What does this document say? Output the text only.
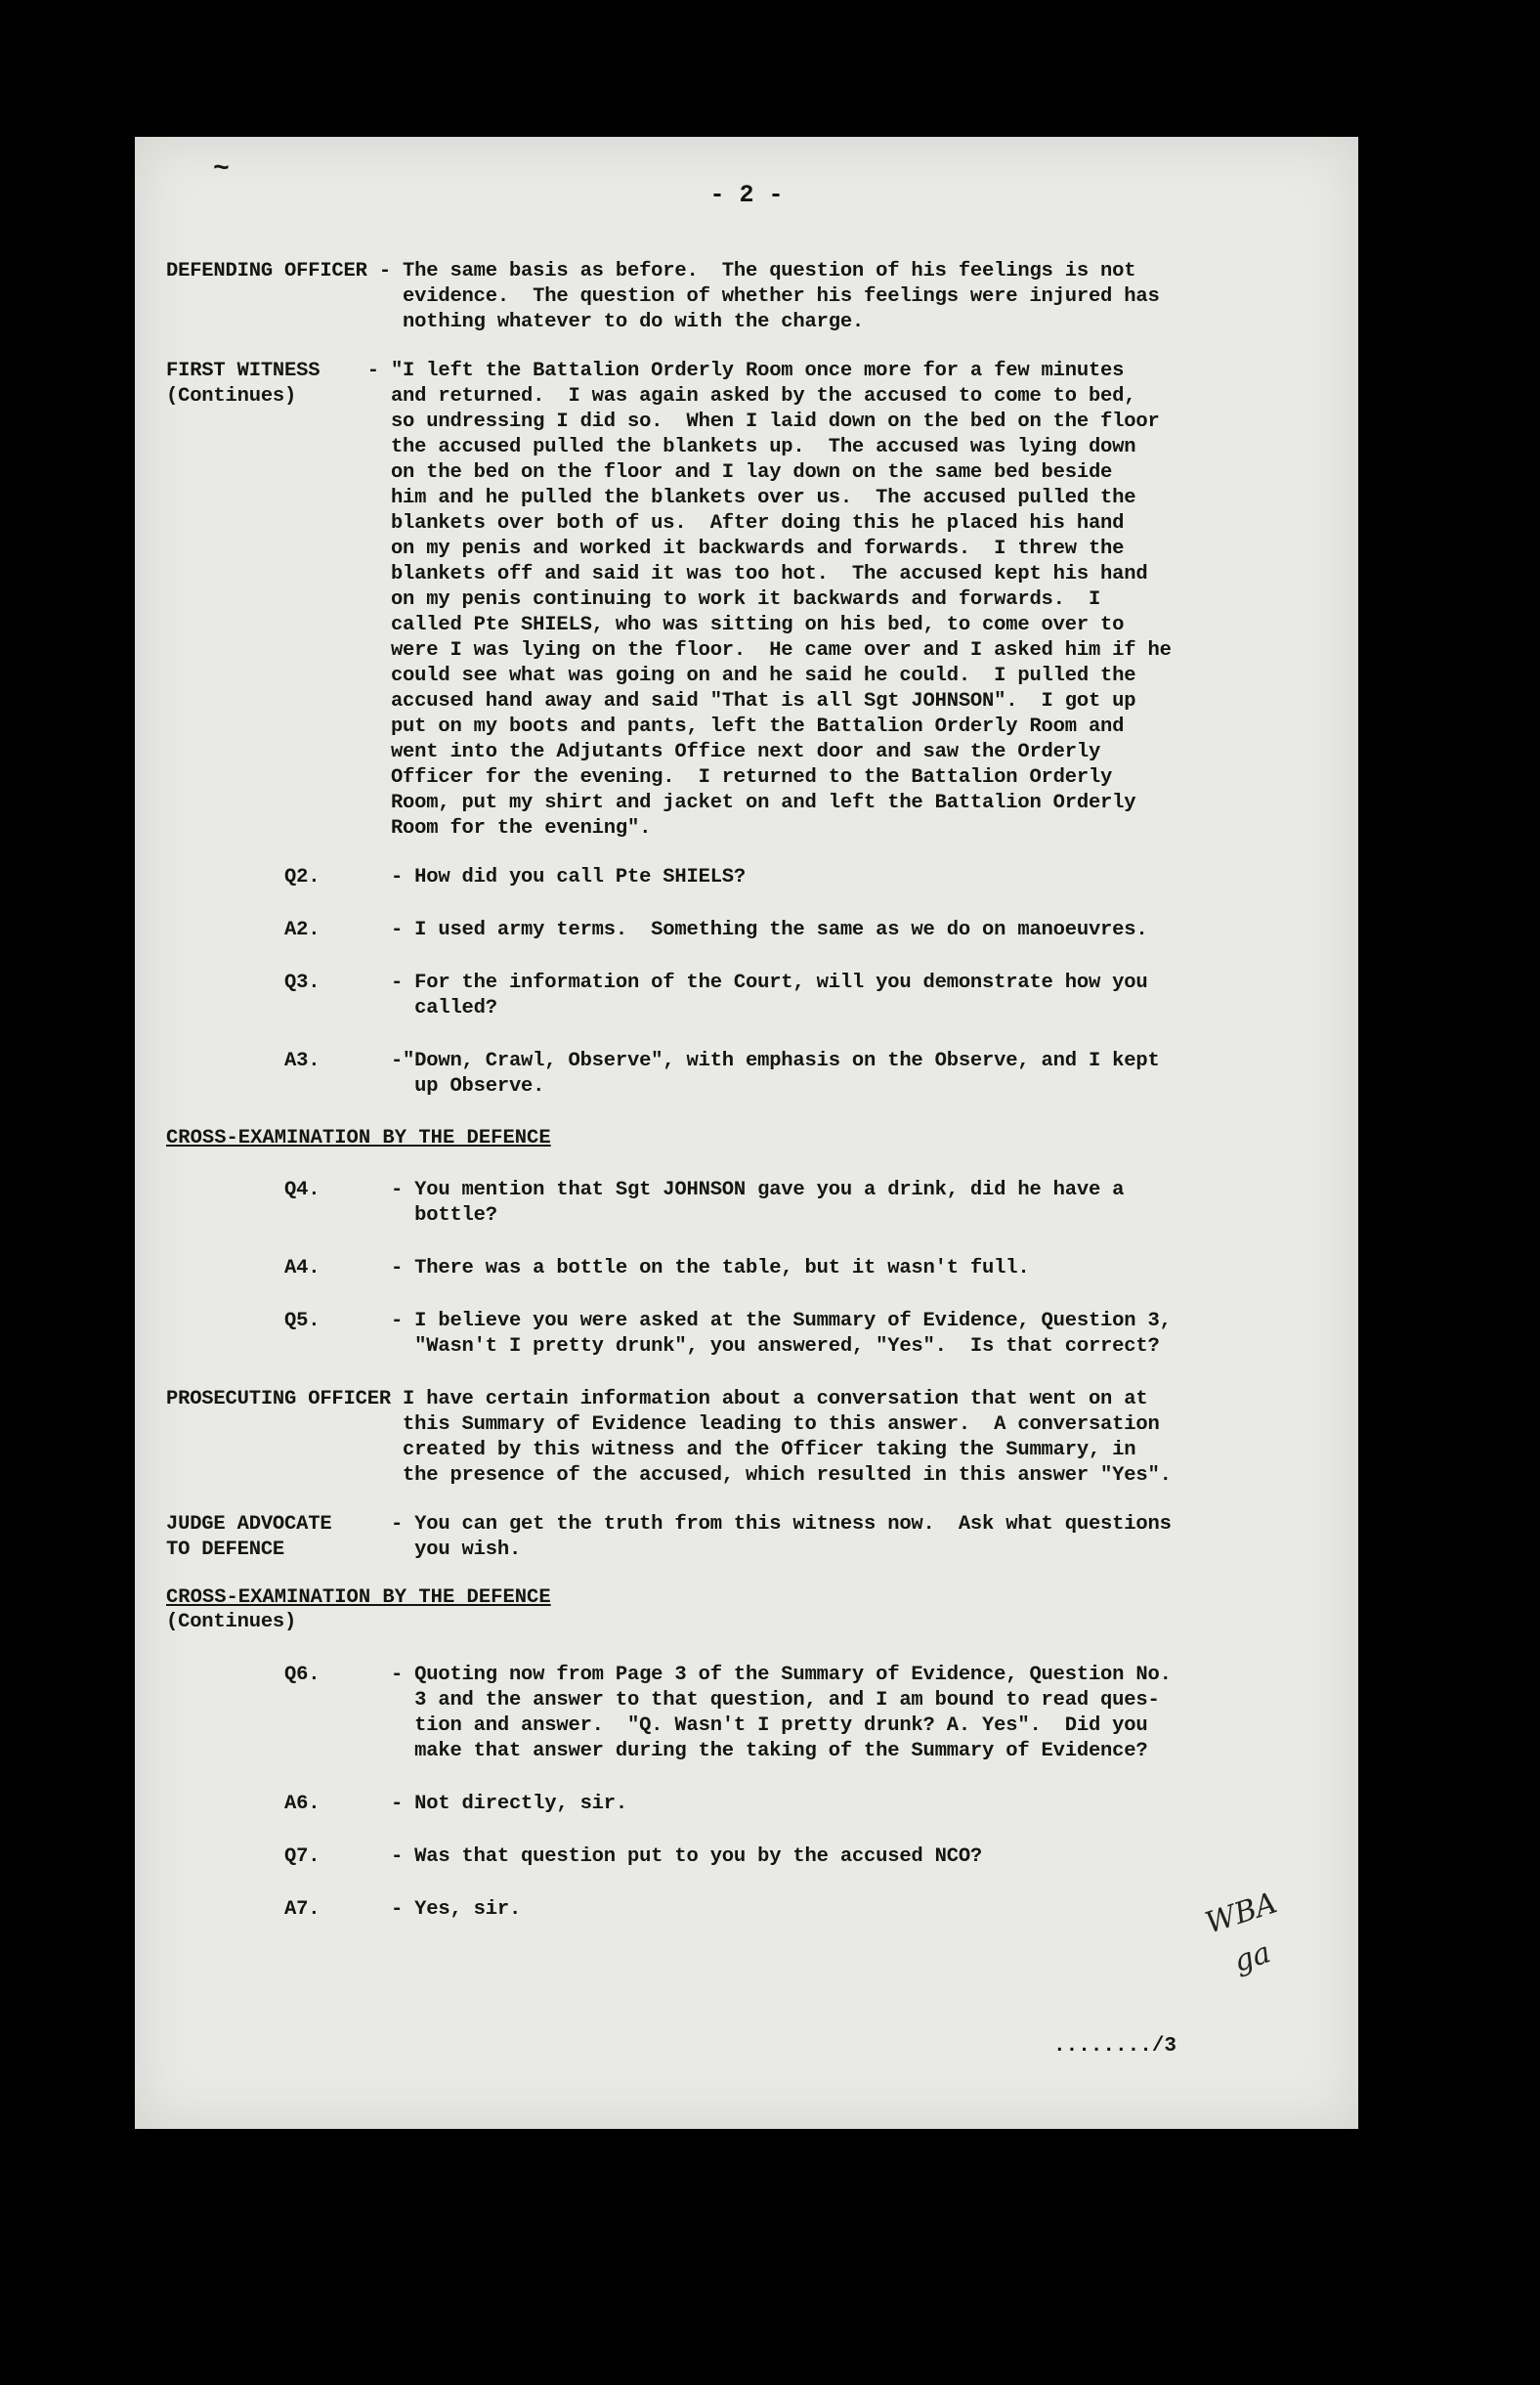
~
- 2 -
DEFENDING OFFICER - The same basis as before.  The question of his feelings is not
evidence.  The question of whether his feelings were injured has
nothing whatever to do with the charge.
FIRST WITNESS    - "I left the Battalion Orderly Room once more for a few minutes
(Continues)        and returned.  I was again asked by the accused to come to bed,
so undressing I did so.  When I laid down on the bed on the floor
the accused pulled the blankets up.  The accused was lying down
on the bed on the floor and I lay down on the same bed beside
him and he pulled the blankets over us.  The accused pulled the
blankets over both of us.  After doing this he placed his hand
on my penis and worked it backwards and forwards.  I threw the
blankets off and said it was too hot.  The accused kept his hand
on my penis continuing to work it backwards and forwards.  I
called Pte SHIELS, who was sitting on his bed, to come over to
were I was lying on the floor.  He came over and I asked him if he
could see what was going on and he said he could.  I pulled the
accused hand away and said "That is all Sgt JOHNSON".  I got up
put on my boots and pants, left the Battalion Orderly Room and
went into the Adjutants Office next door and saw the Orderly
Officer for the evening.  I returned to the Battalion Orderly
Room, put my shirt and jacket on and left the Battalion Orderly
Room for the evening".
Q2.      - How did you call Pte SHIELS?
A2.      - I used army terms.  Something the same as we do on manoeuvres.
Q3.      - For the information of the Court, will you demonstrate how you
called?
A3.      -"Down, Crawl, Observe", with emphasis on the Observe, and I kept
up Observe.
CROSS-EXAMINATION BY THE DEFENCE
Q4.      - You mention that Sgt JOHNSON gave you a drink, did he have a
bottle?
A4.      - There was a bottle on the table, but it wasn't full.
Q5.      - I believe you were asked at the Summary of Evidence, Question 3,
"Wasn't I pretty drunk", you answered, "Yes".  Is that correct?
PROSECUTING OFFICER I have certain information about a conversation that went on at
this Summary of Evidence leading to this answer.  A conversation
created by this witness and the Officer taking the Summary, in
the presence of the accused, which resulted in this answer "Yes".
JUDGE ADVOCATE     - You can get the truth from this witness now.  Ask what questions
TO DEFENCE           you wish.
CROSS-EXAMINATION BY THE DEFENCE
(Continues)
Q6.      - Quoting now from Page 3 of the Summary of Evidence, Question No.
3 and the answer to that question, and I am bound to read ques-
tion and answer.  "Q. Wasn't I pretty drunk? A. Yes".  Did you
make that answer during the taking of the Summary of Evidence?
A6.      - Not directly, sir.
Q7.      - Was that question put to you by the accused NCO?
A7.      - Yes, sir.	WBA
ga
......../3
